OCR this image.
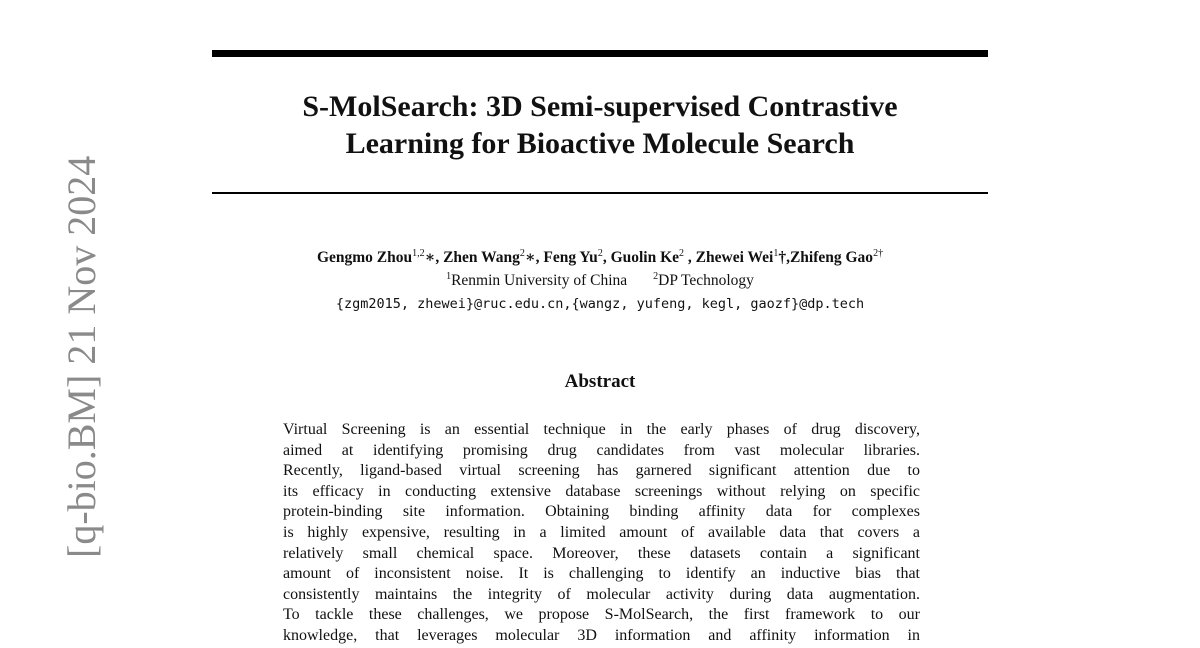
S-MolSearch: 3D Semi-supervised Contrastive
Learning for Bioactive Molecule Search
Gengmo Zhou$^{1,2}$∗, Zhen Wang$^2$∗, Feng Yu$^2$, Guolin Ke$^2$ , Zhewei Wei$^1$†,Zhifeng Gao$^{2\dagger}$
$^1$Renmin University of China	$^2$DP Technology
{zgm2015, zhewei}@ruc.edu.cn,{wangz, yufeng, kegl, gaozf}@dp.tech
Abstract
Virtual Screening is an essential technique in the early phases of drug discovery,
aimed at identifying promising drug candidates from vast molecular libraries.
Recently, ligand-based virtual screening has garnered significant attention due to
its efficacy in conducting extensive database screenings without relying on specific
protein-binding site information. Obtaining binding affinity data for complexes
is highly expensive, resulting in a limited amount of available data that covers a
relatively small chemical space. Moreover, these datasets contain a significant
amount of inconsistent noise. It is challenging to identify an inductive bias that
consistently maintains the integrity of molecular activity during data augmentation.
To tackle these challenges, we propose S-MolSearch, the first framework to our
knowledge, that leverages molecular 3D information and affinity information in
[q-bio.BM] 21 Nov 2024
